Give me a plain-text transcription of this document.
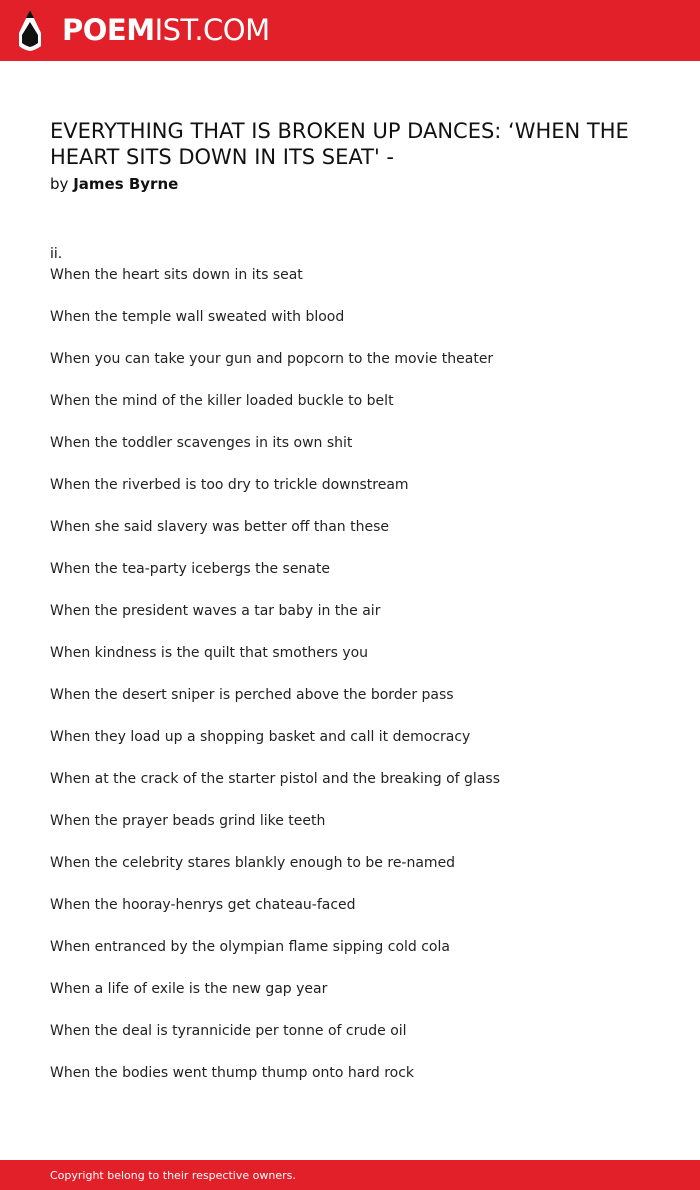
POEMIST.COM
EVERYTHING THAT IS BROKEN UP DANCES: ‘WHEN THE HEART SITS DOWN IN ITS SEAT' -
by James Byrne
ii.
When the heart sits down in its seat
When the temple wall sweated with blood
When you can take your gun and popcorn to the movie theater
When the mind of the killer loaded buckle to belt
When the toddler scavenges in its own shit
When the riverbed is too dry to trickle downstream
When she said slavery was better off than these
When the tea-party icebergs the senate
When the president waves a tar baby in the air
When kindness is the quilt that smothers you
When the desert sniper is perched above the border pass
When they load up a shopping basket and call it democracy
When at the crack of the starter pistol and the breaking of glass
When the prayer beads grind like teeth
When the celebrity stares blankly enough to be re-named
When the hooray-henrys get chateau-faced
When entranced by the olympian flame sipping cold cola
When a life of exile is the new gap year
When the deal is tyrannicide per tonne of crude oil
When the bodies went thump thump onto hard rock
Copyright belong to their respective owners.
